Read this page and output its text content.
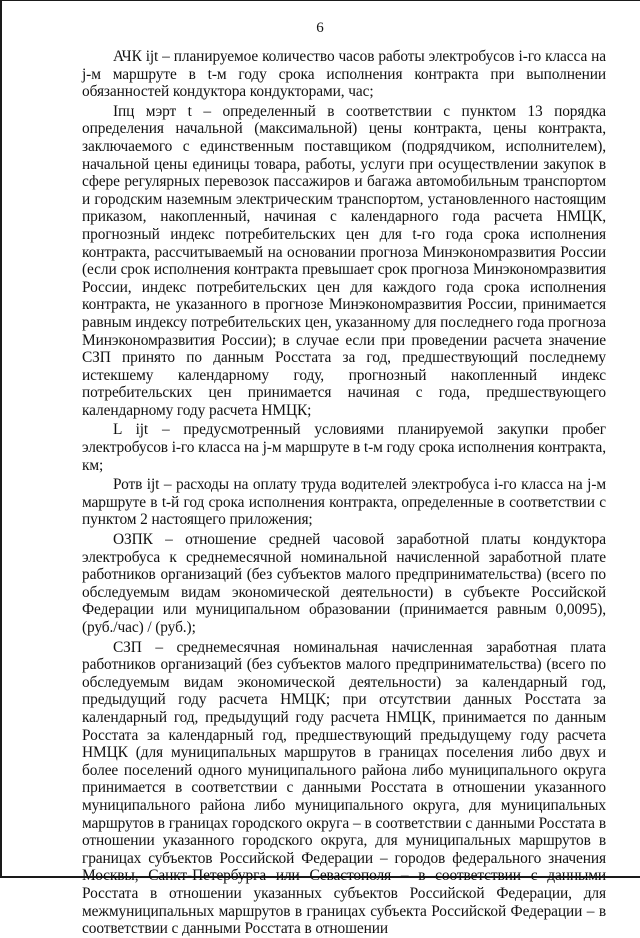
6

АЧК ijt – планируемое количество часов работы электробусов i-го класса на j-м маршруте в t-м году срока исполнения контракта при выполнении обязанностей кондуктора кондукторами, час;

Iпц мэрт t – определенный в соответствии с пунктом 13 порядка определения начальной (максимальной) цены контракта, цены контракта, заключаемого с единственным поставщиком (подрядчиком, исполнителем), начальной цены единицы товара, работы, услуги при осуществлении закупок в сфере регулярных перевозок пассажиров и багажа автомобильным транспортом и городским наземным электрическим транспортом, установленного настоящим приказом, накопленный, начиная с календарного года расчета НМЦК, прогнозный индекс потребительских цен для t-го года срока исполнения контракта, рассчитываемый на основании прогноза Минэкономразвития России (если срок исполнения контракта превышает срок прогноза Минэкономразвития России, индекс потребительских цен для каждого года срока исполнения контракта, не указанного в прогнозе Минэкономразвития России, принимается равным индексу потребительских цен, указанному для последнего года прогноза Минэкономразвития России); в случае если при проведении расчета значение СЗП принято по данным Росстата за год, предшествующий последнему истекшему календарному году, прогнозный накопленный индекс потребительских цен принимается начиная с года, предшествующего календарному году расчета НМЦК;

L ijt – предусмотренный условиями планируемой закупки пробег электробусов i-го класса на j-м маршруте в t-м году срока исполнения контракта, км;

Ротв ijt – расходы на оплату труда водителей электробуса i-го класса на j-м маршруте в t-й год срока исполнения контракта, определенные в соответствии с пунктом 2 настоящего приложения;

ОЗПК – отношение средней часовой заработной платы кондуктора электробуса к среднемесячной номинальной начисленной заработной плате работников организаций (без субъектов малого предпринимательства) (всего по обследуемым видам экономической деятельности) в субъекте Российской Федерации или муниципальном образовании (принимается равным 0,0095), (руб./час) / (руб.);

СЗП – среднемесячная номинальная начисленная заработная плата работников организаций (без субъектов малого предпринимательства) (всего по обследуемым видам экономической деятельности) за календарный год, предыдущий году расчета НМЦК; при отсутствии данных Росстата за календарный год, предыдущий году расчета НМЦК, принимается по данным Росстата за календарный год, предшествующий предыдущему году расчета НМЦК (для муниципальных маршрутов в границах поселения либо двух и более поселений одного муниципального района либо муниципального округа принимается в соответствии с данными Росстата в отношении указанного муниципального района либо муниципального округа, для муниципальных маршрутов в границах городского округа – в соответствии с данными Росстата в отношении указанного городского округа, для муниципальных маршрутов в границах субъектов Российской Федерации – городов федерального значения Москвы, Санкт-Петербурга или Севастополя – в соответствии с данными Росстата в отношении указанных субъектов Российской Федерации, для межмуниципальных маршрутов в границах субъекта Российской Федерации – в соответствии с данными Росстата в отношении
